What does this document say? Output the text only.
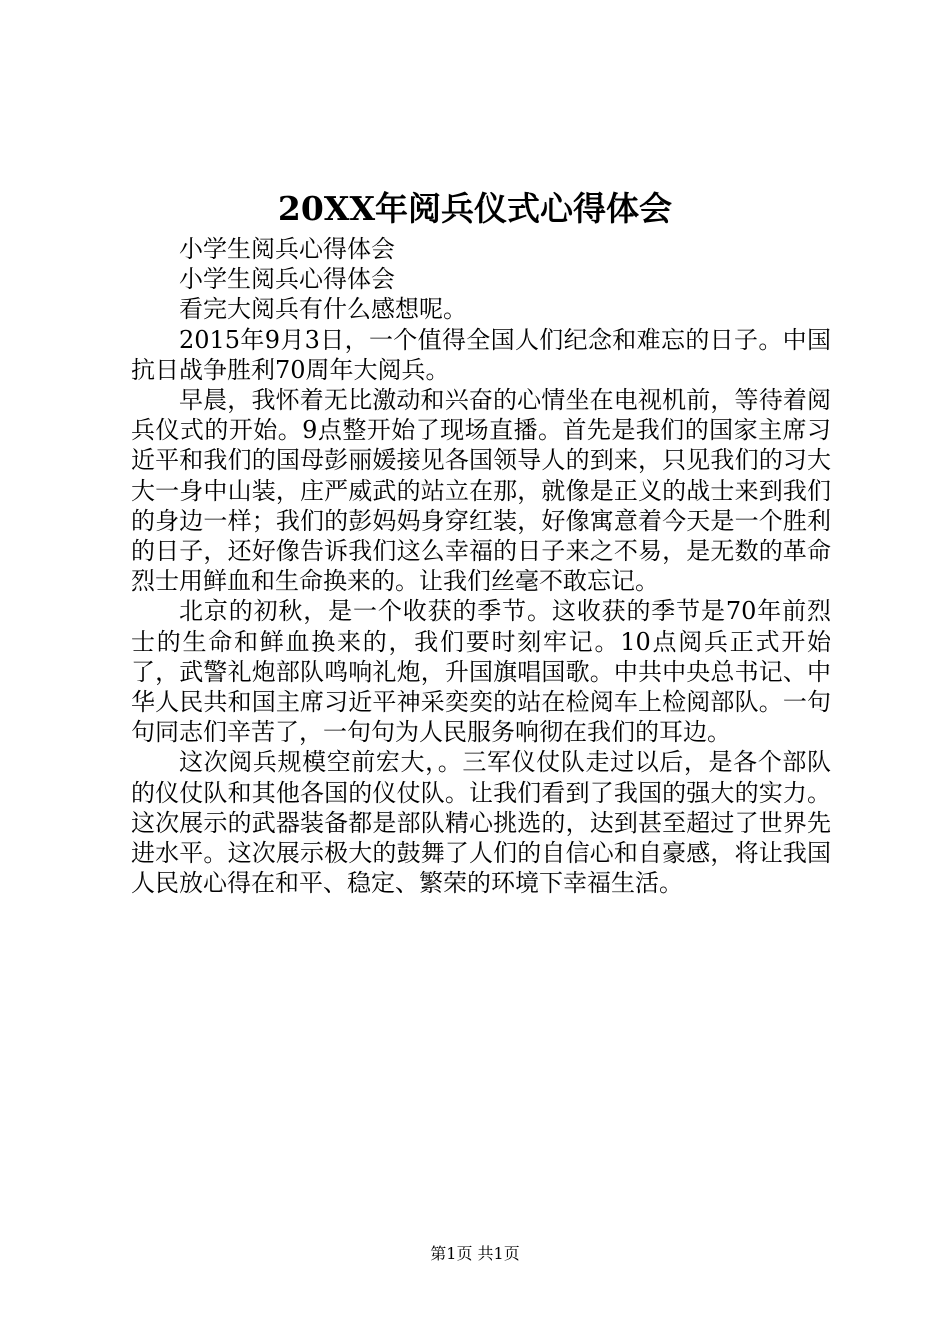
20XX年阅兵仪式心得体会

小学生阅兵心得体会

小学生阅兵心得体会

看完大阅兵有什么感想呢。

2015年9月3日，一个值得全国人们纪念和难忘的日子。中国抗日战争胜利70周年大阅兵。

早晨，我怀着无比激动和兴奋的心情坐在电视机前，等待着阅兵仪式的开始。9点整开始了现场直播。首先是我们的国家主席习近平和我们的国母彭丽媛接见各国领导人的到来，只见我们的习大大一身中山装，庄严威武的站立在那，就像是正义的战士来到我们的身边一样；我们的彭妈妈身穿红装，好像寓意着今天是一个胜利的日子，还好像告诉我们这么幸福的日子来之不易，是无数的革命烈士用鲜血和生命换来的。让我们丝毫不敢忘记。

北京的初秋，是一个收获的季节。这收获的季节是70年前烈士的生命和鲜血换来的，我们要时刻牢记。10点阅兵正式开始了，武警礼炮部队鸣响礼炮，升国旗唱国歌。中共中央总书记、中华人民共和国主席习近平神采奕奕的站在检阅车上检阅部队。一句句同志们辛苦了，一句句为人民服务响彻在我们的耳边。

这次阅兵规模空前宏大，。三军仪仗队走过以后，是各个部队的仪仗队和其他各国的仪仗队。让我们看到了我国的强大的实力。这次展示的武器装备都是部队精心挑选的，达到甚至超过了世界先进水平。这次展示极大的鼓舞了人们的自信心和自豪感，将让我国人民放心得在和平、稳定、繁荣的环境下幸福生活。

第1页 共1页
